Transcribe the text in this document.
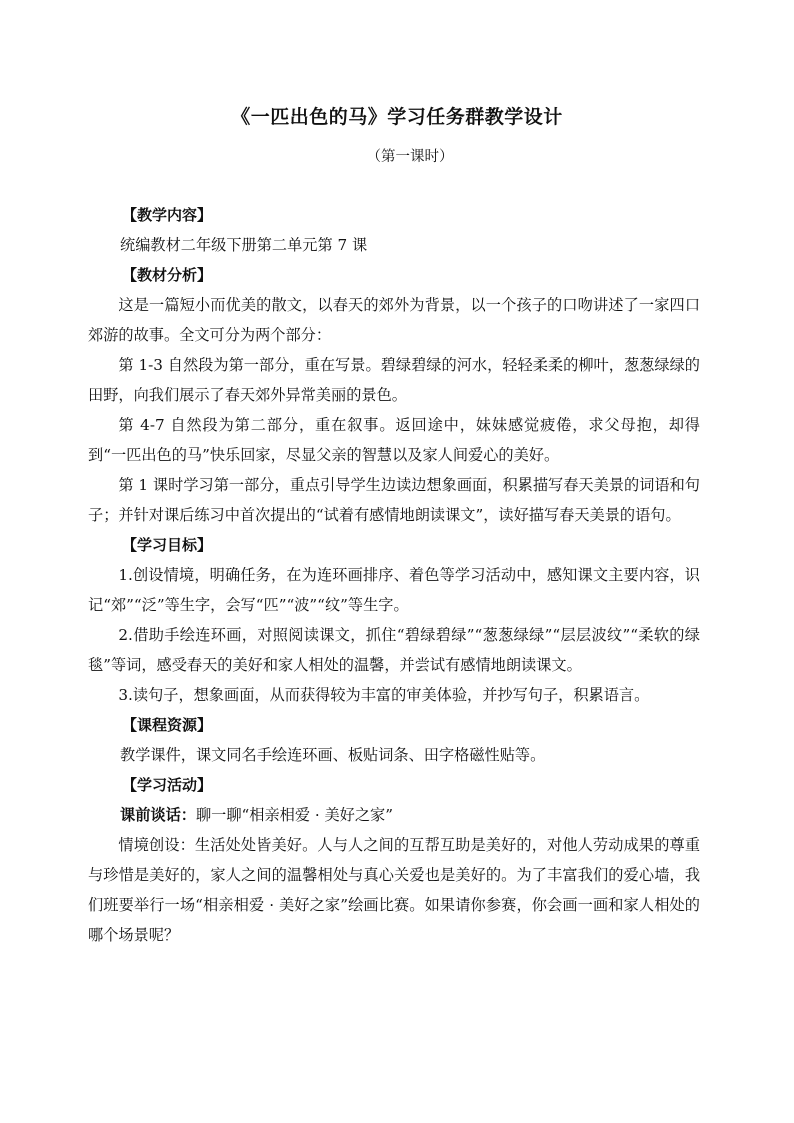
《一匹出色的马》学习任务群教学设计
（第一课时）

【教学内容】

统编教材二年级下册第二单元第 7 课

【教材分析】

这是一篇短小而优美的散文，以春天的郊外为背景，以一个孩子的口吻讲述了一家四口郊游的故事。全文可分为两个部分：

第 1-3 自然段为第一部分，重在写景。碧绿碧绿的河水，轻轻柔柔的柳叶，葱葱绿绿的田野，向我们展示了春天郊外异常美丽的景色。

第 4-7 自然段为第二部分，重在叙事。返回途中，妹妹感觉疲倦，求父母抱，却得到“一匹出色的马”快乐回家，尽显父亲的智慧以及家人间爱心的美好。

第 1 课时学习第一部分，重点引导学生边读边想象画面，积累描写春天美景的词语和句子；并针对课后练习中首次提出的“试着有感情地朗读课文”，读好描写春天美景的语句。

【学习目标】

1.创设情境，明确任务，在为连环画排序、着色等学习活动中，感知课文主要内容，识记“郊”“泛”等生字，会写“匹”“波”“纹”等生字。

2.借助手绘连环画，对照阅读课文，抓住“碧绿碧绿”“葱葱绿绿”“层层波纹”“柔软的绿毯”等词，感受春天的美好和家人相处的温馨，并尝试有感情地朗读课文。

3.读句子，想象画面，从而获得较为丰富的审美体验，并抄写句子，积累语言。

【课程资源】

教学课件，课文同名手绘连环画、板贴词条、田字格磁性贴等。

【学习活动】

课前谈话：聊一聊“相亲相爱 · 美好之家”

情境创设：生活处处皆美好。人与人之间的互帮互助是美好的，对他人劳动成果的尊重与珍惜是美好的，家人之间的温馨相处与真心关爱也是美好的。为了丰富我们的爱心墙，我们班要举行一场“相亲相爱 · 美好之家”绘画比赛。如果请你参赛，你会画一画和家人相处的哪个场景呢？
